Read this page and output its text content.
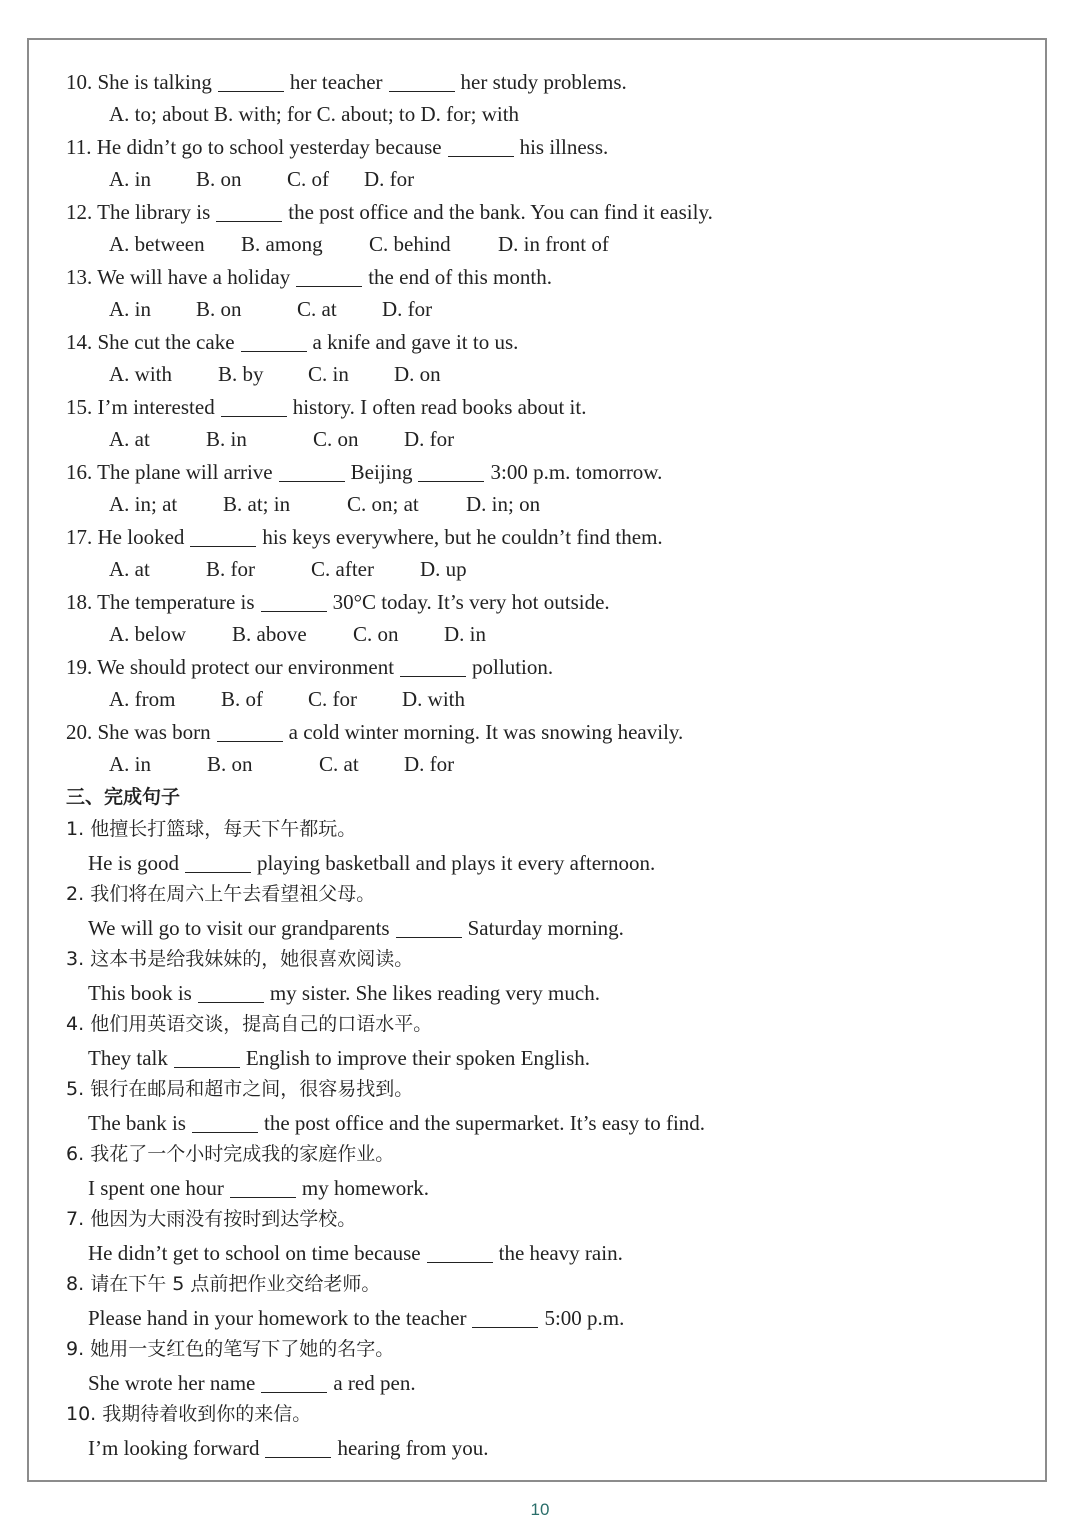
10. She is talking	her teacher	her study problems.
A. to; about B. with; for C. about; to D. for; with
11. He didn’t go to school yesterday because	his illness.
A. in B. on C. of D. for
12. The library is	the post office and the bank. You can find it easily.
A. between B. among C. behind D. in front of
13. We will have a holiday	the end of this month.
A. in B. on	C. at D. for
14. She cut the cake	a knife and gave it to us.
A. with B. by C. in D. on
15. I’m interested	history. I often read books about it.
A. at	B. in	C. on D. for
16. The plane will arrive	Beijing	3:00 p.m. tomorrow.
A. in; at B. at; in	C. on; at D. in; on
17. He looked	his keys everywhere, but he couldn’t find them.
A. at	B. for	C. after D. up
18. The temperature is	30°C today. It’s very hot outside.
A. below B. above C. on D. in
19. We should protect our environment	pollution.
A. from B. of C. for D. with
20. She was born	a cold winter morning. It was snowing heavily.
A. in	B. on	C. at D. for
三、完成句子
1. 他擅长打篮球，每天下午都玩。
He is good	playing basketball and plays it every afternoon.
2. 我们将在周六上午去看望祖父母。
We will go to visit our grandparents	Saturday morning.
3. 这本书是给我妹妹的，她很喜欢阅读。
This book is	my sister. She likes reading very much.
4. 他们用英语交谈，提高自己的口语水平。
They talk	English to improve their spoken English.
5. 银行在邮局和超市之间，很容易找到。
The bank is	the post office and the supermarket. It’s easy to find.
6. 我花了一个小时完成我的家庭作业。
I spent one hour	my homework.
7. 他因为大雨没有按时到达学校。
He didn’t get to school on time because	the heavy rain.
8. 请在下午 5 点前把作业交给老师。
Please hand in your homework to the teacher	5:00 p.m.
9. 她用一支红色的笔写下了她的名字。
She wrote her name	a red pen.
10. 我期待着收到你的来信。
I’m looking forward	hearing from you.
10
